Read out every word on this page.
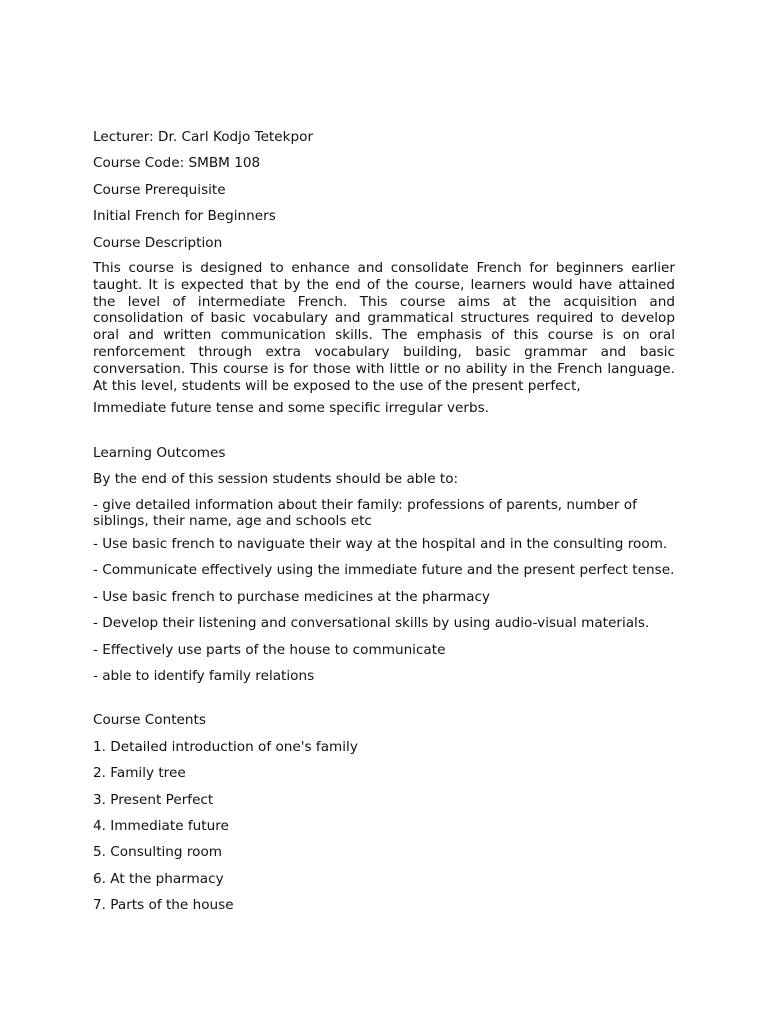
Lecturer: Dr. Carl Kodjo Tetekpor
Course Code: SMBM 108
Course Prerequisite
Initial French for Beginners
Course Description
This course is designed to enhance and consolidate French for beginners earlier taught. It is expected that by the end of the course, learners would have attained the level of intermediate French. This course aims at the acquisition and consolidation of basic vocabulary and grammatical structures required to develop oral and written communication skills. The emphasis of this course is on oral renforcement through extra vocabulary building, basic grammar and basic conversation. This course is for those with little or no ability in the French language. At this level, students will be exposed to the use of the present perfect,
Immediate future tense and some specific irregular verbs.
Learning Outcomes
By the end of this session students should be able to:
- give detailed information about their family: professions of parents, number of siblings, their name, age and schools etc
- Use basic french to naviguate their way at the hospital and in the consulting room.
- Communicate effectively using the immediate future and the present perfect tense.
- Use basic french to purchase medicines at the pharmacy
- Develop their listening and conversational skills by using audio-visual materials.
- Effectively use parts of the house to communicate
- able to identify family relations
Course Contents
1. Detailed introduction of one's family
2. Family tree
3. Present Perfect
4. Immediate future
5. Consulting room
6. At the pharmacy
7. Parts of the house
